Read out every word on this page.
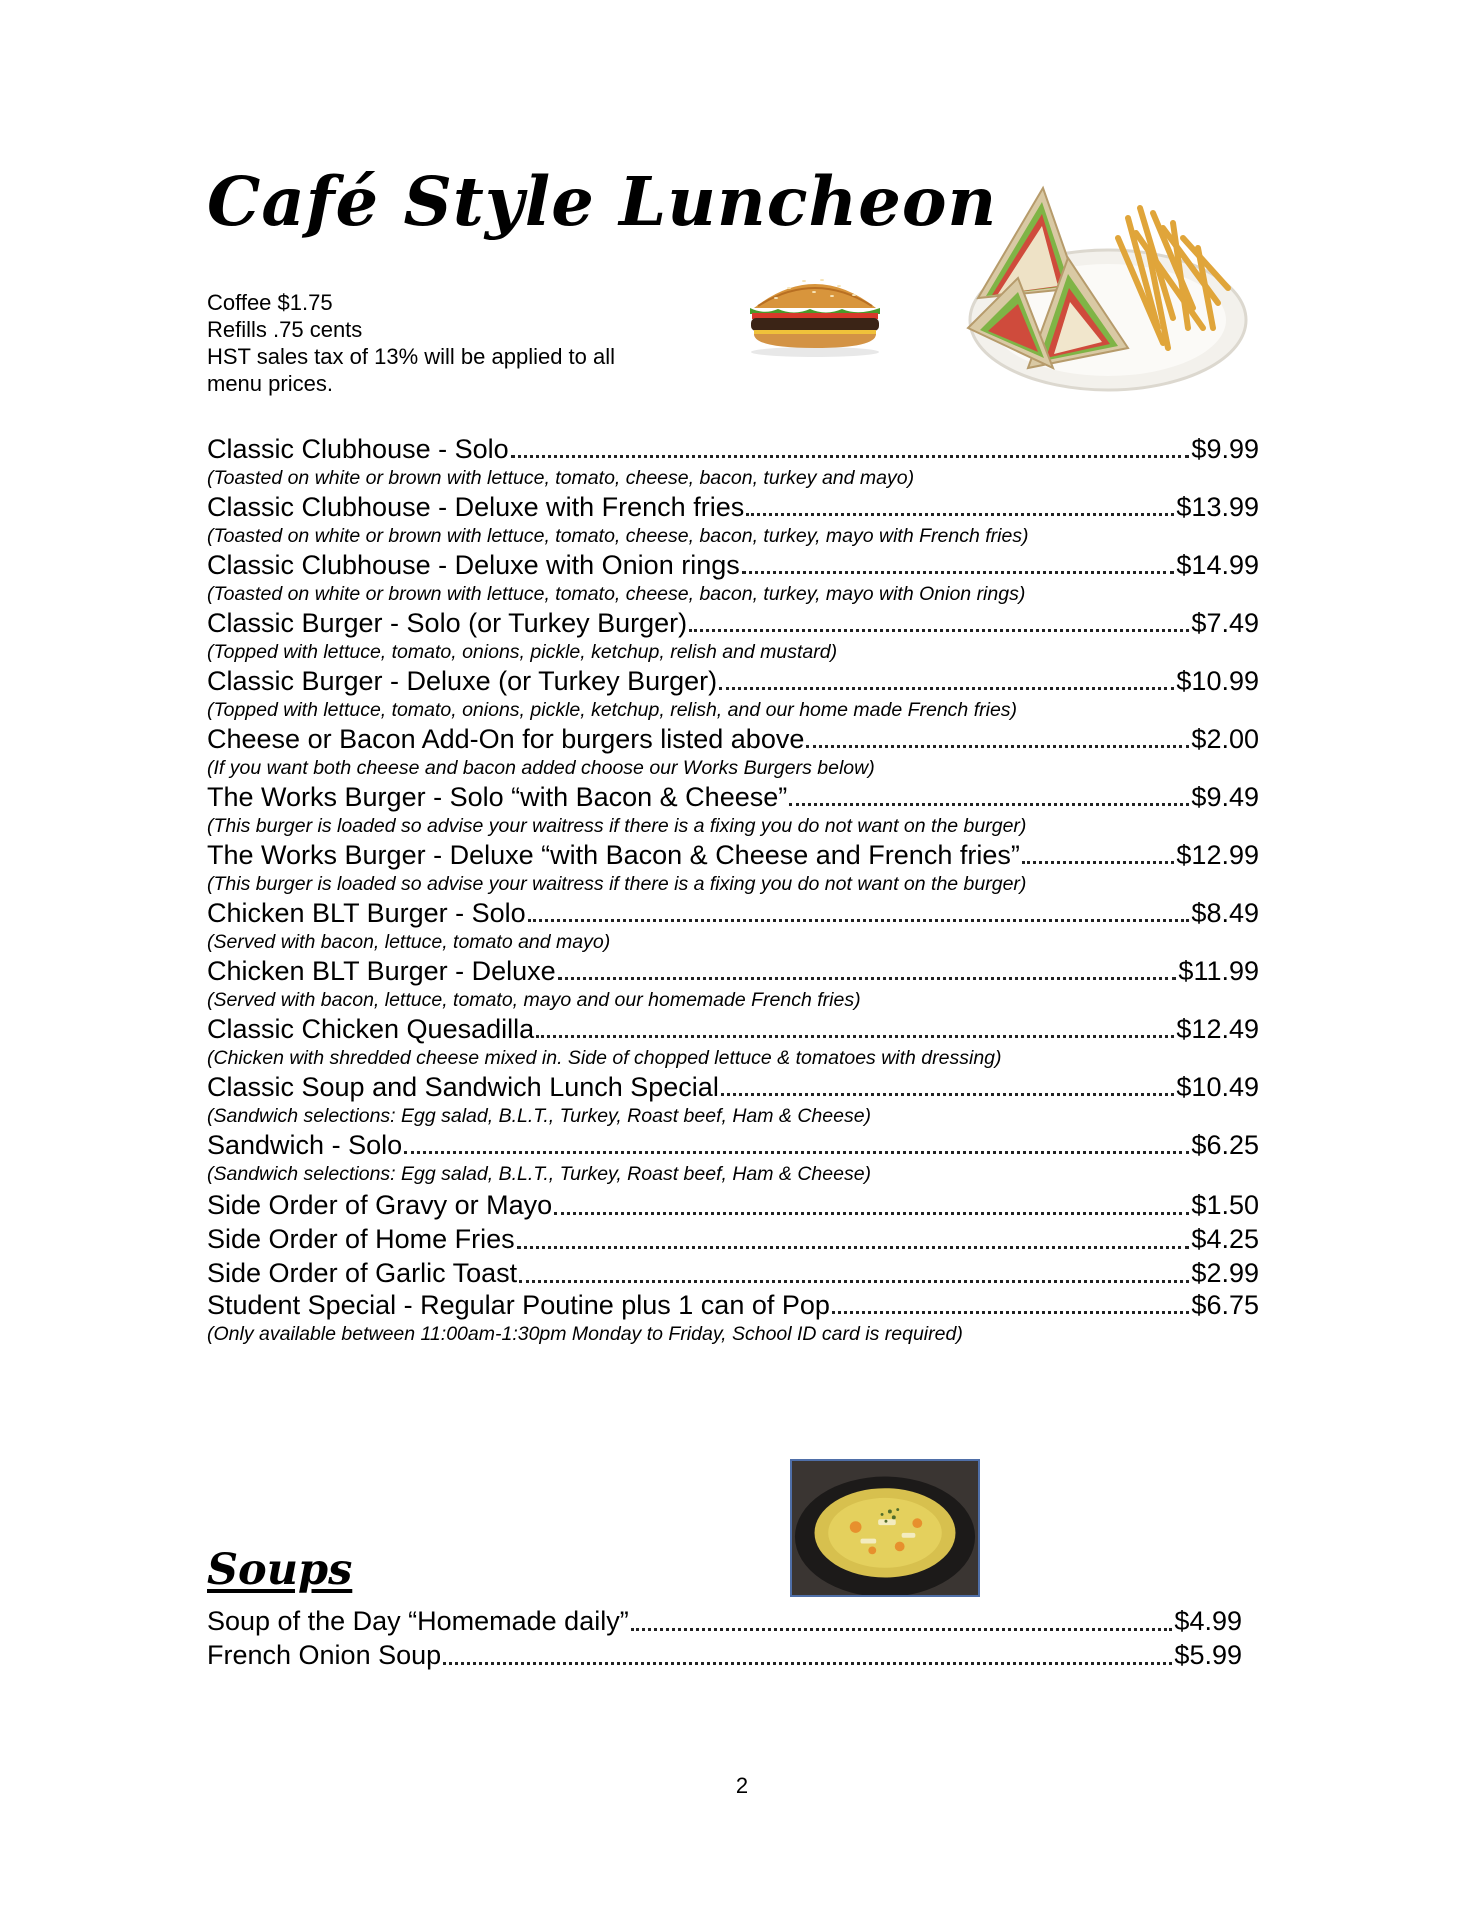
Café Style Luncheon
Coffee $1.75
Refills .75 cents
HST sales tax of 13% will be applied to all
menu prices.
Classic Clubhouse - Solo	$9.99
(Toasted on white or brown with lettuce, tomato, cheese, bacon, turkey and mayo)
Classic Clubhouse - Deluxe with French fries	$13.99
(Toasted on white or brown with lettuce, tomato, cheese, bacon, turkey, mayo with French fries)
Classic Clubhouse - Deluxe with Onion rings	$14.99
(Toasted on white or brown with lettuce, tomato, cheese, bacon, turkey, mayo with Onion rings)
Classic Burger - Solo (or Turkey Burger)	$7.49
(Topped with lettuce, tomato, onions, pickle, ketchup, relish and mustard)
Classic Burger - Deluxe (or Turkey Burger)	$10.99
(Topped with lettuce, tomato, onions, pickle, ketchup, relish, and our home made French fries)
Cheese or Bacon Add-On for burgers listed above	$2.00
(If you want both cheese and bacon added choose our Works Burgers below)
The Works Burger - Solo “with Bacon & Cheese”	$9.49
(This burger is loaded so advise your waitress if there is a fixing you do not want on the burger)
The Works Burger - Deluxe “with Bacon & Cheese and French fries”	$12.99
(This burger is loaded so advise your waitress if there is a fixing you do not want on the burger)
Chicken BLT Burger - Solo	$8.49
(Served with bacon, lettuce, tomato and mayo)
Chicken BLT Burger - Deluxe	$11.99
(Served with bacon, lettuce, tomato, mayo and our homemade French fries)
Classic Chicken Quesadilla	$12.49
(Chicken with shredded cheese mixed in. Side of chopped lettuce & tomatoes with dressing)
Classic Soup and Sandwich Lunch Special	$10.49
(Sandwich selections: Egg salad, B.L.T., Turkey, Roast beef, Ham & Cheese)
Sandwich - Solo	$6.25
(Sandwich selections: Egg salad, B.L.T., Turkey, Roast beef, Ham & Cheese)
Side Order of Gravy or Mayo	$1.50
Side Order of Home Fries	$4.25
Side Order of Garlic Toast	$2.99
Student Special - Regular Poutine plus 1 can of Pop	$6.75
(Only available between 11:00am-1:30pm Monday to Friday, School ID card is required)
Soups
Soup of the Day “Homemade daily”	$4.99
French Onion Soup	$5.99
2
